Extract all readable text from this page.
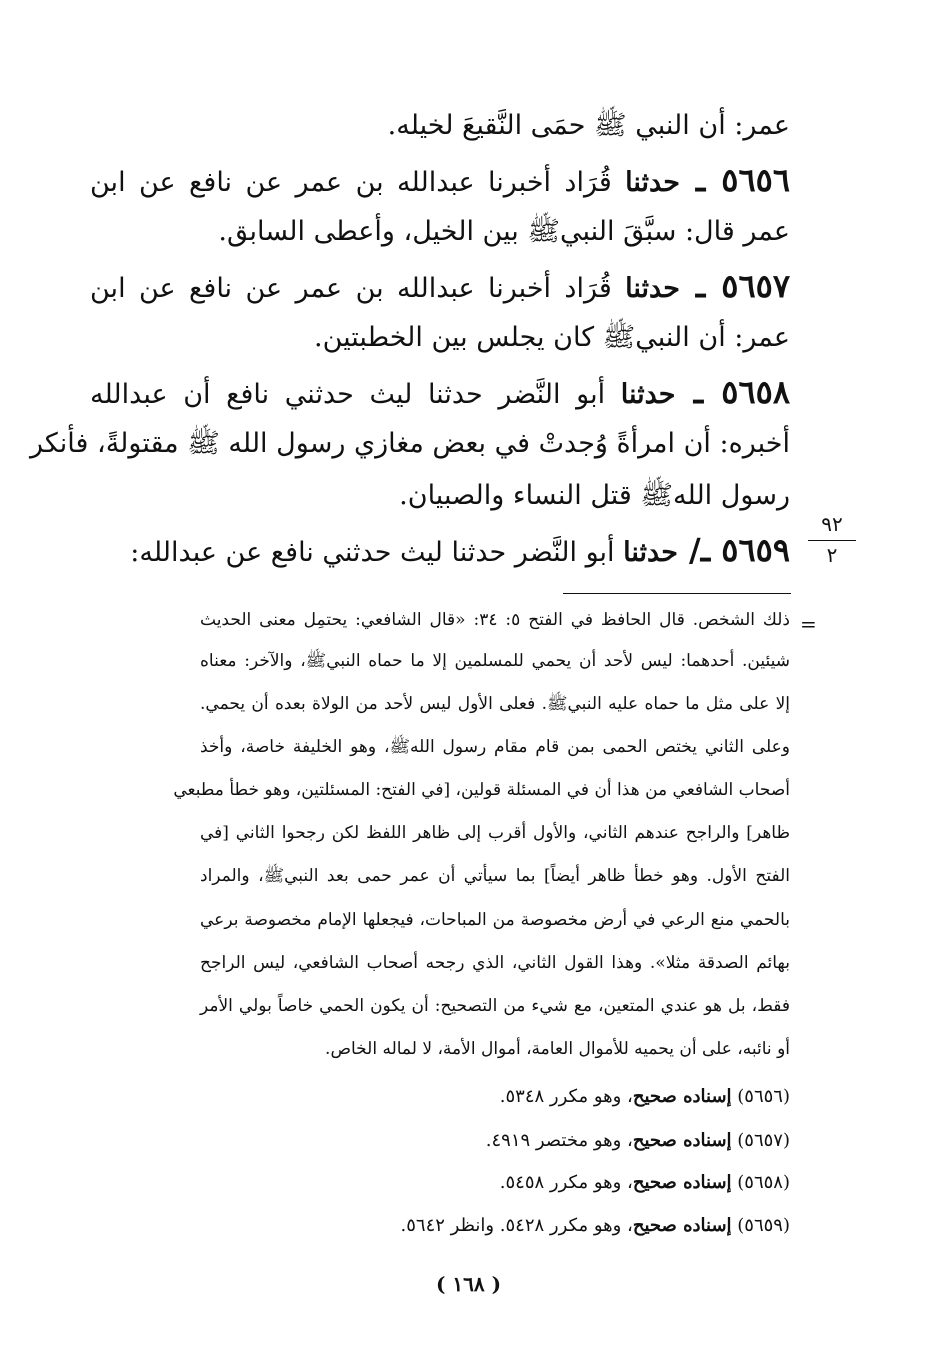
عمر: أن النبي ﷺ حمَى النَّقيعَ لخيله.
٥٦٥٦ ـ حدثنا قُرَاد أخبرنا عبدالله بن عمر عن نافع عن ابن
عمر قال: سبَّقَ النبيﷺ بين الخيل، وأعطى السابق.
٥٦٥٧ ـ حدثنا قُرَاد أخبرنا عبدالله بن عمر عن نافع عن ابن
عمر: أن النبيﷺ كان يجلس بين الخطبتين.
٥٦٥٨ ـ حدثنا أبو النَّضر حدثنا ليث حدثني نافع أن عبدالله
أخبره: أن امرأةً وُجدتْ في بعض مغازي رسول الله ﷺ مقتولةً، فأنكر
رسول اللهﷺ قتل النساء والصبيان.
٥٦٥٩ ـ/ حدثنا أبو النَّضر حدثنا ليث حدثني نافع عن عبدالله:
٩٢
٢
=
ذلك الشخص. قال الحافظ في الفتح ٥: ٣٤: «قال الشافعي: يحتمِل معنى الحديث
شيئين. أحدهما: ليس لأحد أن يحمي للمسلمين إلا ما حماه النبيﷺ، والآخر: معناه
إلا على مثل ما حماه عليه النبيﷺ. فعلى الأول ليس لأحد من الولاة بعده أن يحمي.
وعلى الثاني يختص الحمى بمن قام مقام رسول اللهﷺ، وهو الخليفة خاصة، وأخذ
أصحاب الشافعي من هذا أن في المسئلة قولين، [في الفتح: المسئلتين، وهو خطأ مطبعي
ظاهر] والراجح عندهم الثاني، والأول أقرب إلى ظاهر اللفظ لكن رجحوا الثاني [في
الفتح الأول. وهو خطأ ظاهر أيضاً] بما سيأتي أن عمر حمى بعد النبيﷺ، والمراد
بالحمي منع الرعي في أرض مخصوصة من المباحات، فيجعلها الإمام مخصوصة برعي
بهائم الصدقة مثلا». وهذا القول الثاني، الذي رجحه أصحاب الشافعي، ليس الراجح
فقط، بل هو عندي المتعين، مع شيء من التصحيح: أن يكون الحمي خاصاً بولي الأمر
أو نائبه، على أن يحميه للأموال العامة، أموال الأمة، لا لماله الخاص.
(٥٦٥٦) إسناده صحيح، وهو مكرر ٥٣٤٨.
(٥٦٥٧) إسناده صحيح، وهو مختصر ٤٩١٩.
(٥٦٥٨) إسناده صحيح، وهو مكرر ٥٤٥٨.
(٥٦٥٩) إسناده صحيح، وهو مكرر ٥٤٢٨. وانظر ٥٦٤٢.
( ١٦٨ )
